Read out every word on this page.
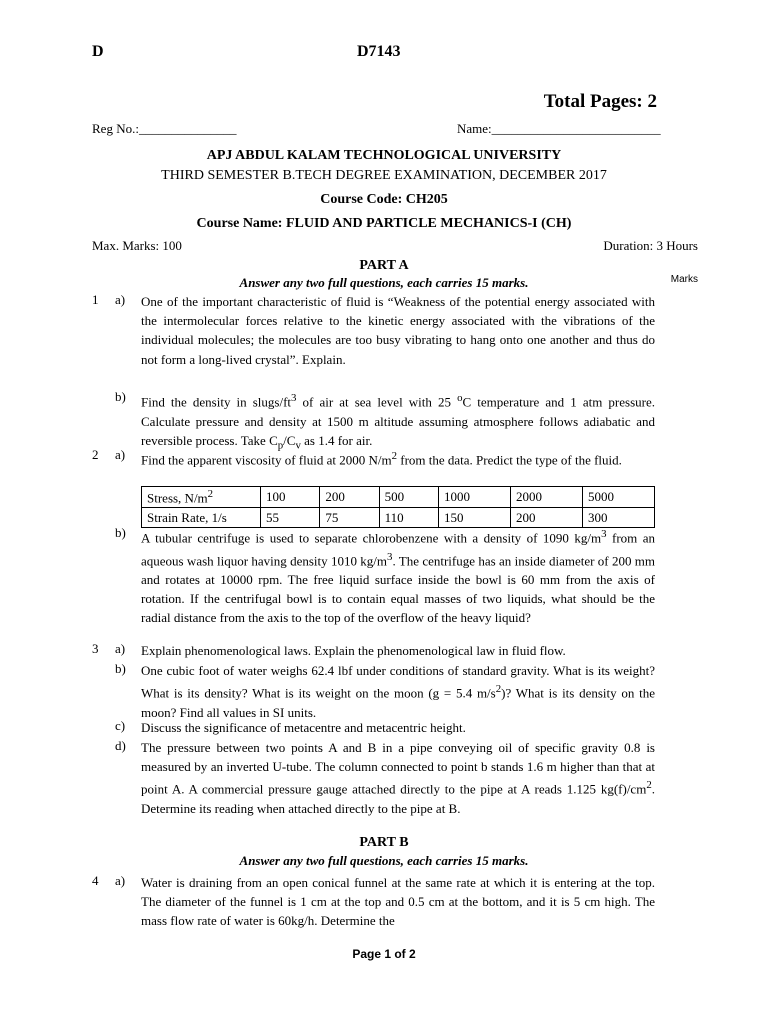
D	D7143
Total Pages: 2
Reg No.:_______________	Name:__________________________
APJ ABDUL KALAM TECHNOLOGICAL UNIVERSITY
THIRD SEMESTER B.TECH DEGREE EXAMINATION, DECEMBER 2017
Course Code: CH205
Course Name: FLUID AND PARTICLE MECHANICS-I (CH)
Max. Marks: 100	Duration: 3 Hours
PART A
Answer any two full questions, each carries 15 marks.	Marks
1 a) One of the important characteristic of fluid is “Weakness of the potential energy associated with the intermolecular forces relative to the kinetic energy associated with the vibrations of the individual molecules; the molecules are too busy vibrating to hang onto one another and thus do not form a long-lived crystal”. Explain.
b) Find the density in slugs/$ft^3$ of air at sea level with 25 $^o$C temperature and 1 atm pressure. Calculate pressure and density at 1500 m altitude assuming atmosphere follows adiabatic and reversible process. Take $C_p/C_v$ as 1.4 for air.
2 a) Find the apparent viscosity of fluid at 2000 $N/m^2$ from the data. Predict the type of the fluid.
Stress, $N/m^2$	100	200	500	1000	2000	5000
Strain Rate, 1/s	55	75	110	150	200	300
b) A tubular centrifuge is used to separate chlorobenzene with a density of 1090 $kg/m^3$ from an aqueous wash liquor having density 1010 $kg/m^3$. The centrifuge has an inside diameter of 200 mm and rotates at 10000 rpm. The free liquid surface inside the bowl is 60 mm from the axis of rotation. If the centrifugal bowl is to contain equal masses of two liquids, what should be the radial distance from the axis to the top of the overflow of the heavy liquid?
3 a) Explain phenomenological laws. Explain the phenomenological law in fluid flow.
b) One cubic foot of water weighs 62.4 lbf under conditions of standard gravity. What is its weight? What is its density? What is its weight on the moon (g = 5.4 $m/s^2$)? What is its density on the moon? Find all values in SI units.
c) Discuss the significance of metacentre and metacentric height.
d) The pressure between two points A and B in a pipe conveying oil of specific gravity 0.8 is measured by an inverted U-tube. The column connected to point b stands 1.6 m higher than that at point A. A commercial pressure gauge attached directly to the pipe at A reads 1.125 $kg(f)/cm^2$. Determine its reading when attached directly to the pipe at B.
PART B
Answer any two full questions, each carries 15 marks.
4 a) Water is draining from an open conical funnel at the same rate at which it is entering at the top. The diameter of the funnel is 1 cm at the top and 0.5 cm at the bottom, and it is 5 cm high. The mass flow rate of water is 60kg/h. Determine the
Page 1 of 2
